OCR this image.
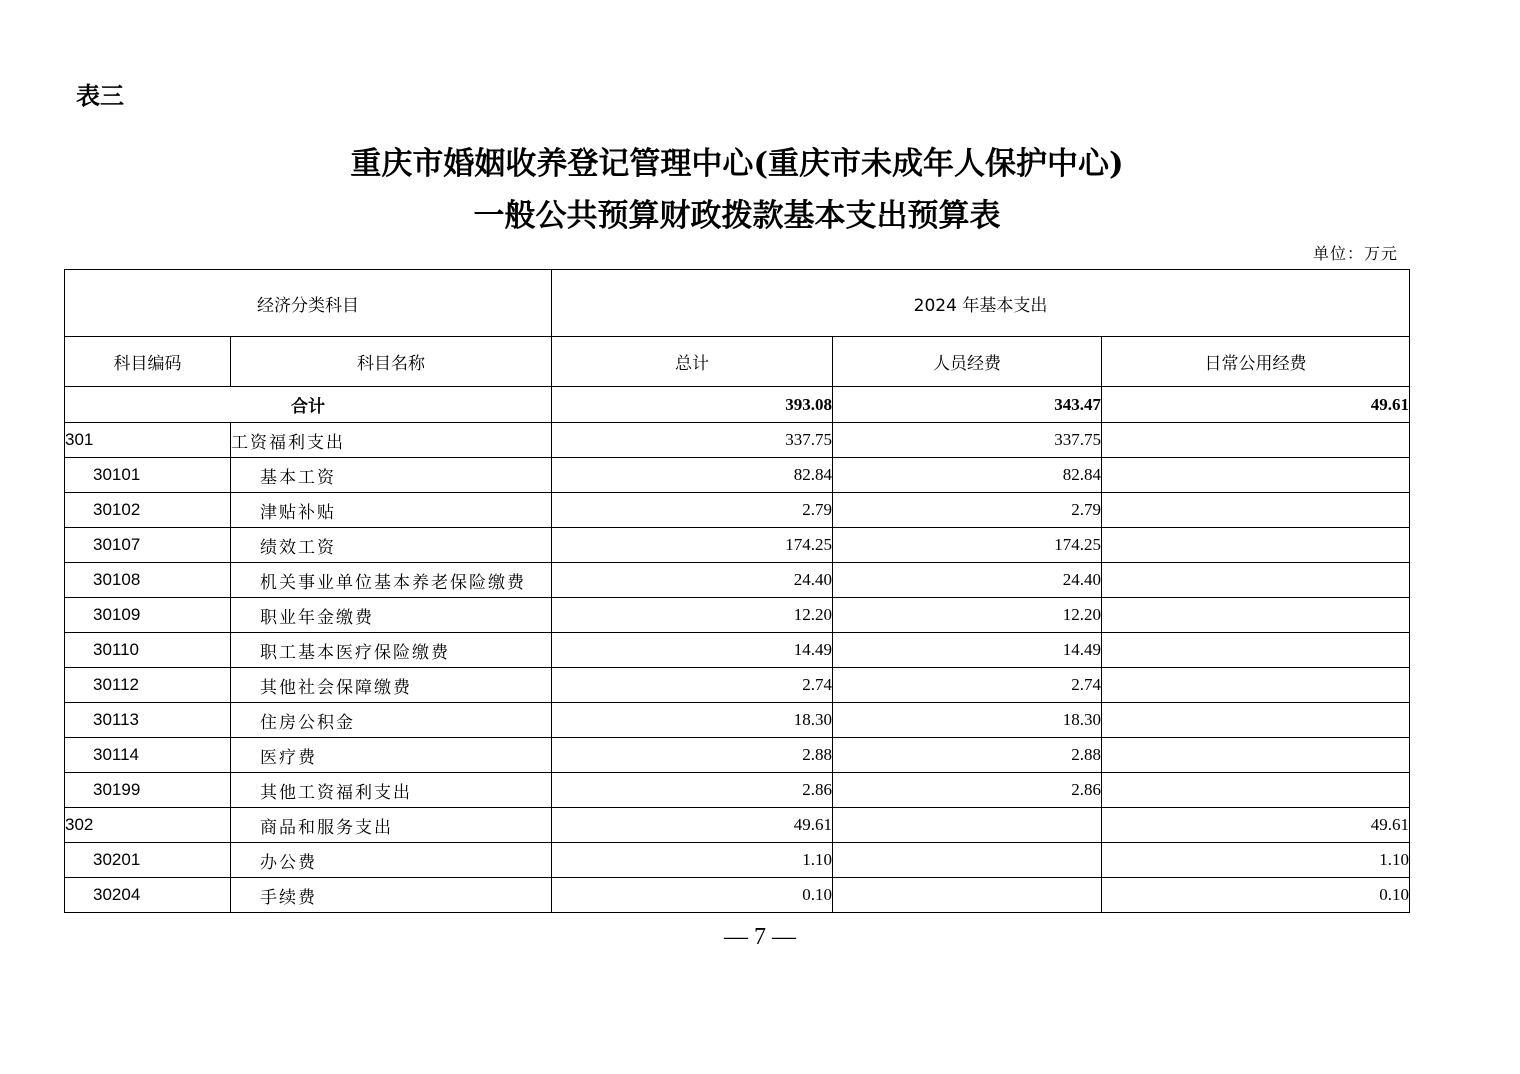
表三
重庆市婚姻收养登记管理中心(重庆市未成年人保护中心)
一般公共预算财政拨款基本支出预算表
单位：万元
经济分类科目		2024 年基本支出		
科目编码	科目名称	总计	人员经费	日常公用经费
合计		393.08	343.47	49.61
301	工资福利支出	337.75	337.75	
30101	基本工资	82.84	82.84	
30102	津贴补贴	2.79	2.79	
30107	绩效工资	174.25	174.25	
30108	机关事业单位基本养老保险缴费	24.40	24.40	
30109	职业年金缴费	12.20	12.20	
30110	职工基本医疗保险缴费	14.49	14.49	
30112	其他社会保障缴费	2.74	2.74	
30113	住房公积金	18.30	18.30	
30114	医疗费	2.88	2.88	
30199	其他工资福利支出	2.86	2.86	
302	商品和服务支出	49.61		49.61
30201	办公费	1.10		1.10
30204	手续费	0.10		0.10
— 7 —
